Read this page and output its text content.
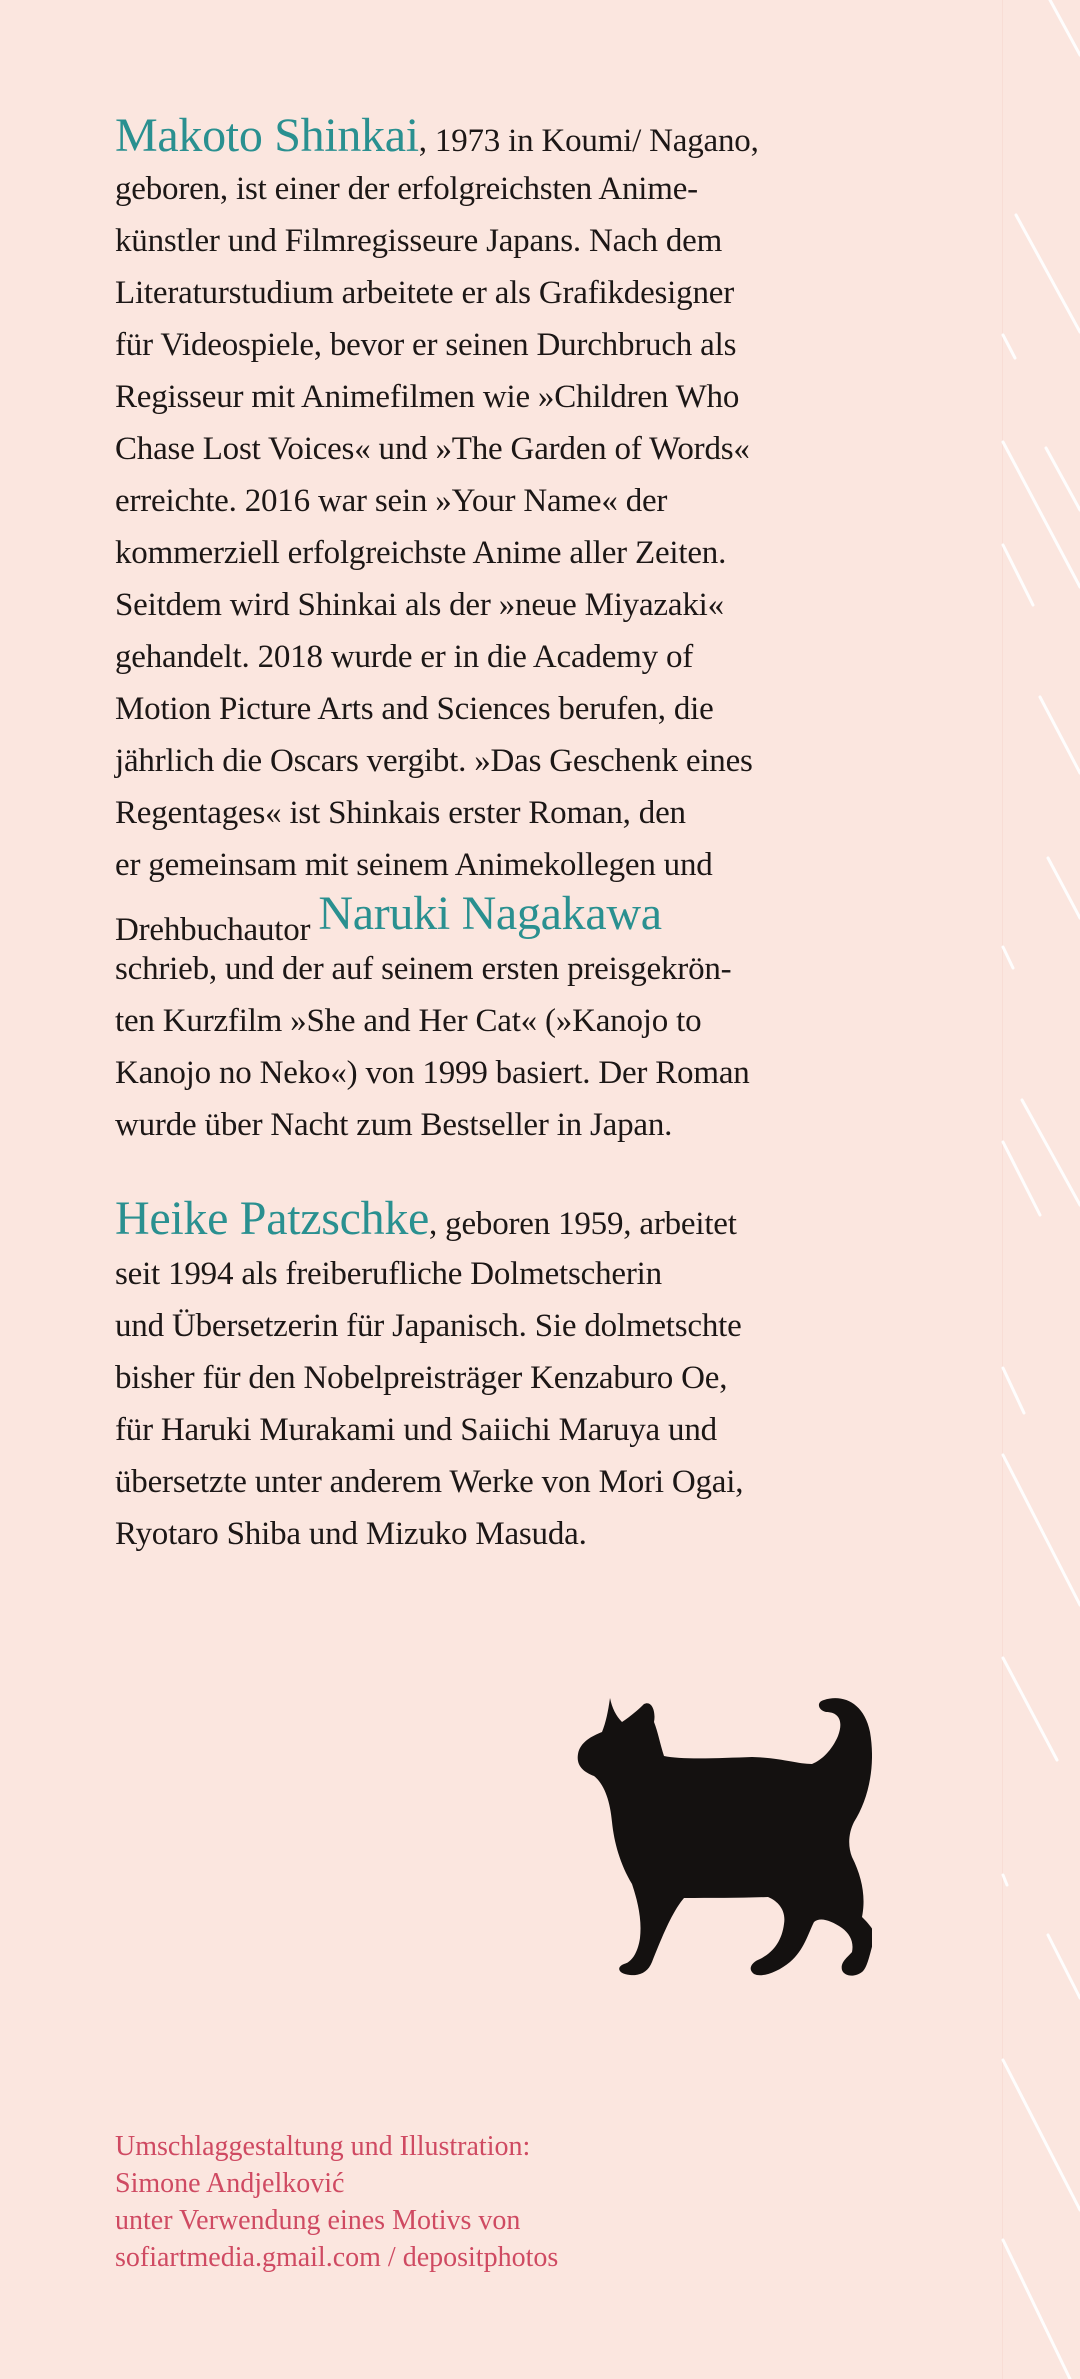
Makoto Shinkai, 1973 in Koumi/ Nagano,
geboren, ist einer der erfolgreichsten Anime-
künstler und Filmregisseure Japans. Nach dem
Literaturstudium arbeitete er als Grafikdesigner
für Videospiele, bevor er seinen Durchbruch als
Regisseur mit Animefilmen wie »Children Who
Chase Lost Voices« und »The Garden of Words«
erreichte. 2016 war sein »Your Name« der
kommerziell erfolgreichste Anime aller Zeiten.
Seitdem wird Shinkai als der »neue Miyazaki«
gehandelt. 2018 wurde er in die Academy of
Motion Picture Arts and Sciences berufen, die
jährlich die Oscars vergibt. »Das Geschenk eines
Regentages« ist Shinkais erster Roman, den
er gemeinsam mit seinem Animekollegen und
Drehbuchautor Naruki Nagakawa
schrieb, und der auf seinem ersten preisgekrön-
ten Kurzfilm »She and Her Cat« (»Kanojo to
Kanojo no Neko«) von 1999 basiert. Der Roman
wurde über Nacht zum Bestseller in Japan.
Heike Patzschke, geboren 1959, arbeitet
seit 1994 als freiberufliche Dolmetscherin
und Übersetzerin für Japanisch. Sie dolmetschte
bisher für den Nobelpreisträger Kenzaburo Oe,
für Haruki Murakami und Saiichi Maruya und
übersetzte unter anderem Werke von Mori Ogai,
Ryotaro Shiba und Mizuko Masuda.
Umschlaggestaltung und Illustration:
Simone Andjelković
unter Verwendung eines Motivs von
sofiartmedia.gmail.com / depositphotos
